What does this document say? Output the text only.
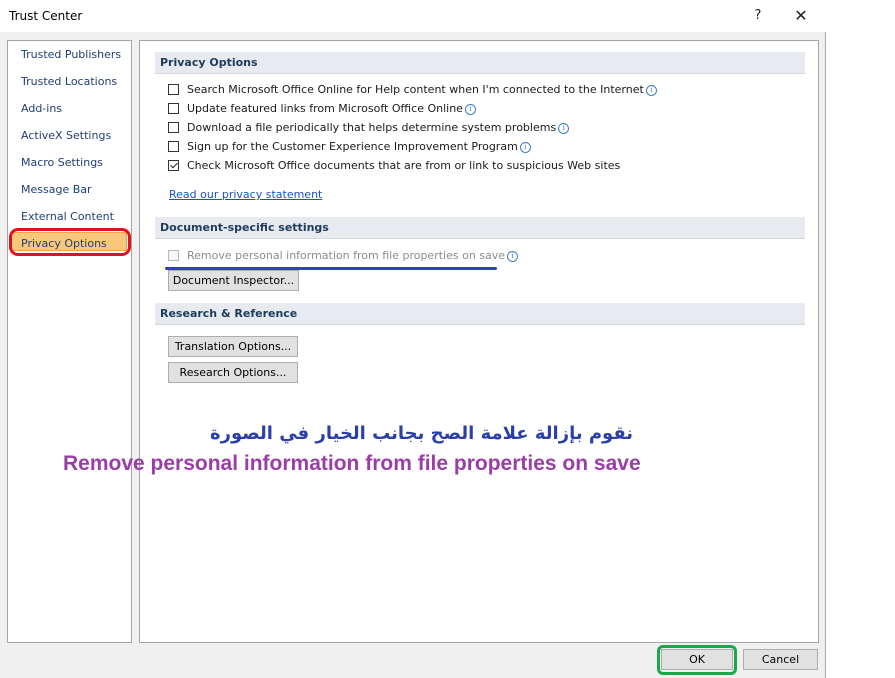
Trust Center	?	✕
Trusted Publishers
Trusted Locations
Add-ins
ActiveX Settings
Macro Settings
Message Bar
External Content
Privacy Options
Privacy Options
Search Microsoft Office Online for Help content when I'm connected to the Internet i
Update featured links from Microsoft Office Online i
Download a file periodically that helps determine system problems i
Sign up for the Customer Experience Improvement Program i
Check Microsoft Office documents that are from or link to suspicious Web sites
Read our privacy statement
Document-specific settings
Remove personal information from file properties on save i
Document Inspector...
Research & Reference
Translation Options...
Research Options...
OK	Cancel
نقوم بإزالة علامة الصح بجانب الخيار في الصورة
Remove personal information from file properties on save
